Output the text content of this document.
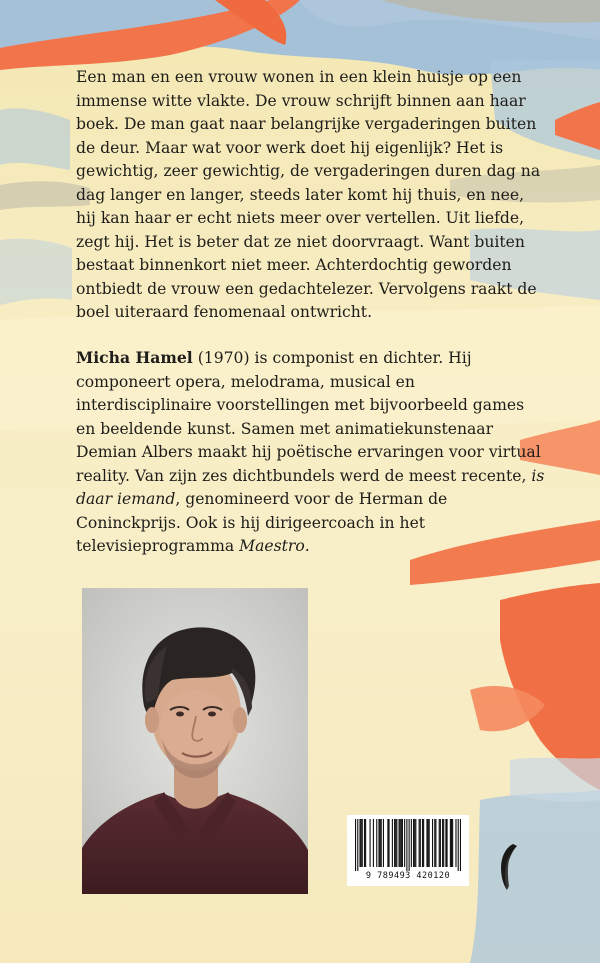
Een man en een vrouw wonen in een klein huisje op een immense witte vlakte. De vrouw schrijft binnen aan haar boek. De man gaat naar belangrijke vergaderingen buiten de deur. Maar wat voor werk doet hij eigenlijk? Het is gewichtig, zeer gewichtig, de vergaderingen duren dag na dag langer en langer, steeds later komt hij thuis, en nee, hij kan haar er echt niets meer over vertellen. Uit liefde, zegt hij. Het is beter dat ze niet doorvraagt. Want buiten bestaat binnenkort niet meer. Achterdochtig geworden ontbiedt de vrouw een gedachtelezer. Vervolgens raakt de boel uiteraard fenomenaal ontwricht.

Micha Hamel (1970) is componist en dichter. Hij componeert opera, melodrama, musical en interdisciplinaire voorstellingen met bijvoorbeeld games en beeldende kunst. Samen met animatiekunstenaar Demian Albers maakt hij poëtische ervaringen voor virtual reality. Van zijn zes dichtbundels werd de meest recente, is daar iemand, genomineerd voor de Herman de Coninckprijs. Ook is hij dirigeercoach in het televisieprogramma Maestro.

9 789493 420120
